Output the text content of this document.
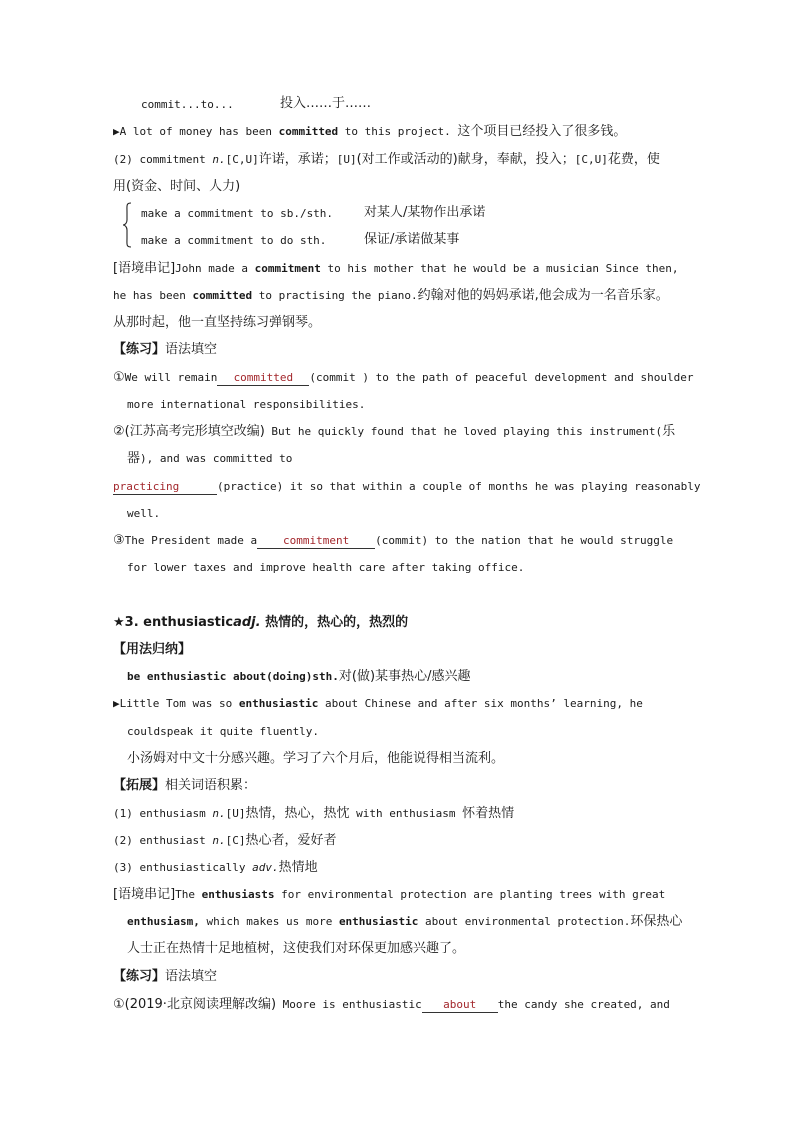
commit...to...	投入……于……
▶A lot of money has been committed to this project. 这个项目已经投入了很多钱。
(2) commitment n.[C,U]许诺，承诺；[U](对工作或活动的)献身，奉献，投入；[C,U]花费，使
用(资金、时间、人力)
make a commitment to sb./sth. 对某人/某物作出承诺
make a commitment to do sth.	保证/承诺做某事
[语境串记]John made a commitment to his mother that he would be a musician Since then,
he has been committed to practising the piano.约翰对他的妈妈承诺,他会成为一名音乐家。
从那时起，他一直坚持练习弹钢琴。
【练习】语法填空
①We will remain committed (commit ) to the path of peaceful development and shoulder
more international responsibilities.
②(江苏高考完形填空改编) But he quickly found that he loved playing this instrument(乐
器), and was committed to
practicing	(practice) it so that within a couple of months he was playing reasonably
well.
③The President made a commitment (commit) to the nation that he would struggle
for lower taxes and improve health care after taking office.
★3. enthusiasticadj. 热情的，热心的，热烈的
【用法归纳】
be enthusiastic about(doing)sth.对(做)某事热心/感兴趣
▶Little Tom was so enthusiastic about Chinese and after six months’ learning, he
couldspeak it quite fluently.
小汤姆对中文十分感兴趣。学习了六个月后，他能说得相当流利。
【拓展】相关词语积累：
(1) enthusiasm n.[U]热情，热心，热忱 with enthusiasm 怀着热情
(2) enthusiast n.[C]热心者，爱好者
(3) enthusiastically adv.热情地
[语境串记]The enthusiasts for environmental protection are planting trees with great
enthusiasm, which makes us more enthusiastic about environmental protection.环保热心
人士正在热情十足地植树，这使我们对环保更加感兴趣了。
【练习】语法填空
①(2019·北京阅读理解改编) Moore is enthusiastic about the candy she created, and
